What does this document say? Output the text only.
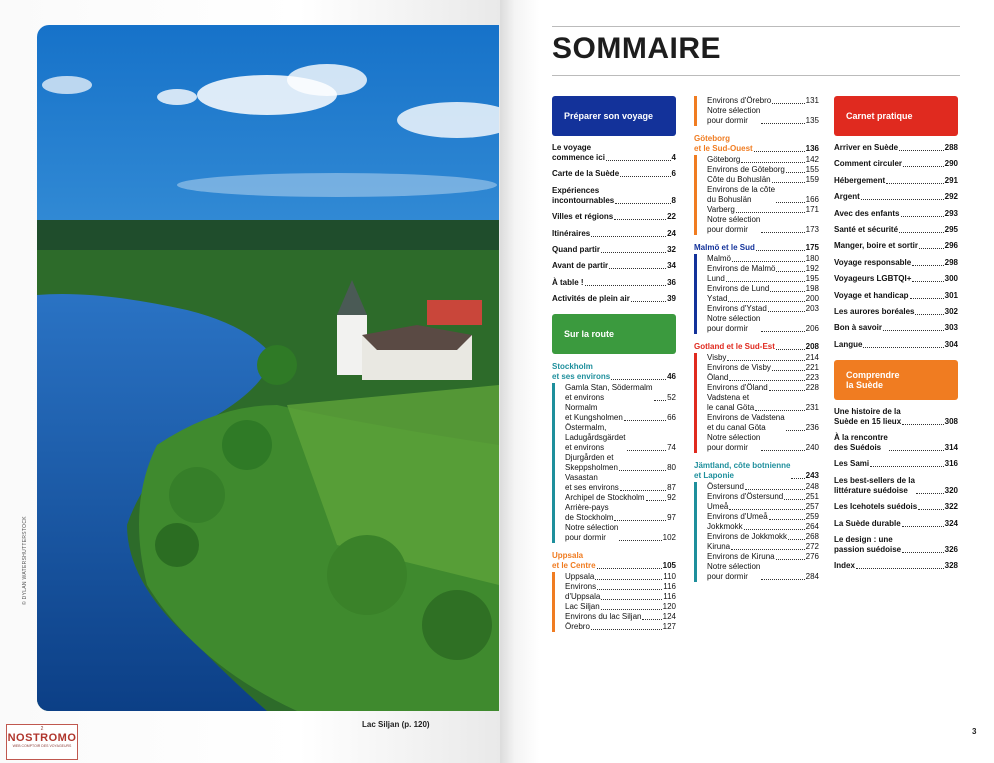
© DYLAN WATERSHUTTERSTOCK
Lac Siljan (p. 120)
2
NOSTROMO
WEB COMPTOIR DES VOYAGEURS
SOMMAIRE
3
Préparer son voyage
Le voyage
commence ici	4
Carte de la Suède	6
Expériences
incontournables	8
Villes et régions	22
Itinéraires	24
Quand partir	32
Avant de partir	34
À table !	36
Activités de plein air	39
Sur la route
Stockholm
et ses environs	46
Gamla Stan, Södermalm
et environs	52
Normalm
et Kungsholmen	66
Östermalm,
Ladugårdsgärdet
et environs	74
Djurgården et
Skeppsholmen	80
Vasastan
et ses environs	87
Archipel de Stockholm	92
Arrière-pays
de Stockholm	97
Notre sélection
pour dormir	102
Uppsala
et le Centre	105
Uppsala	110
Environs	116
d'Uppsala	116
Lac Siljan	120
Environs du lac Siljan	124
Örebro	127
Environs d'Örebro	131
Notre sélection
pour dormir	135
Göteborg
et le Sud-Ouest	136
Göteborg	142
Environs de Göteborg	155
Côte du Bohuslän	159
Environs de la côte
du Bohuslän	166
Varberg	171
Notre sélection
pour dormir	173
Malmö et le Sud	175
Malmö	180
Environs de Malmö	192
Lund	195
Environs de Lund	198
Ystad	200
Environs d'Ystad	203
Notre sélection
pour dormir	206
Gotland et le Sud-Est	208
Visby	214
Environs de Visby	221
Öland	223
Environs d'Öland	228
Vadstena et
le canal Göta	231
Environs de Vadstena
et du canal Göta	236
Notre sélection
pour dormir	240
Jämtland, côte botnienne
et Laponie	243
Östersund	248
Environs d'Östersund	251
Umeå	257
Environs d'Umeå	259
Jokkmokk	264
Environs de Jokkmokk 268
Kiruna	272
Environs de Kiruna	276
Notre sélection
pour dormir	284
Carnet pratique
Arriver en Suède	288
Comment circuler	290
Hébergement	291
Argent	292
Avec des enfants	293
Santé et sécurité	295
Manger, boire et sortir	296
Voyage responsable	298
Voyageurs LGBTQI+	300
Voyage et handicap	301
Les aurores boréales	302
Bon à savoir	303
Langue	304
Comprendre
la Suède
Une histoire de la
Suède en 15 lieux	308
À la rencontre
des Suédois	314
Les Sami	316
Les best-sellers de la
littérature suédoise	320
Les Icehotels suédois	322
La Suède durable	324
Le design : une
passion suédoise	326
Index	328
